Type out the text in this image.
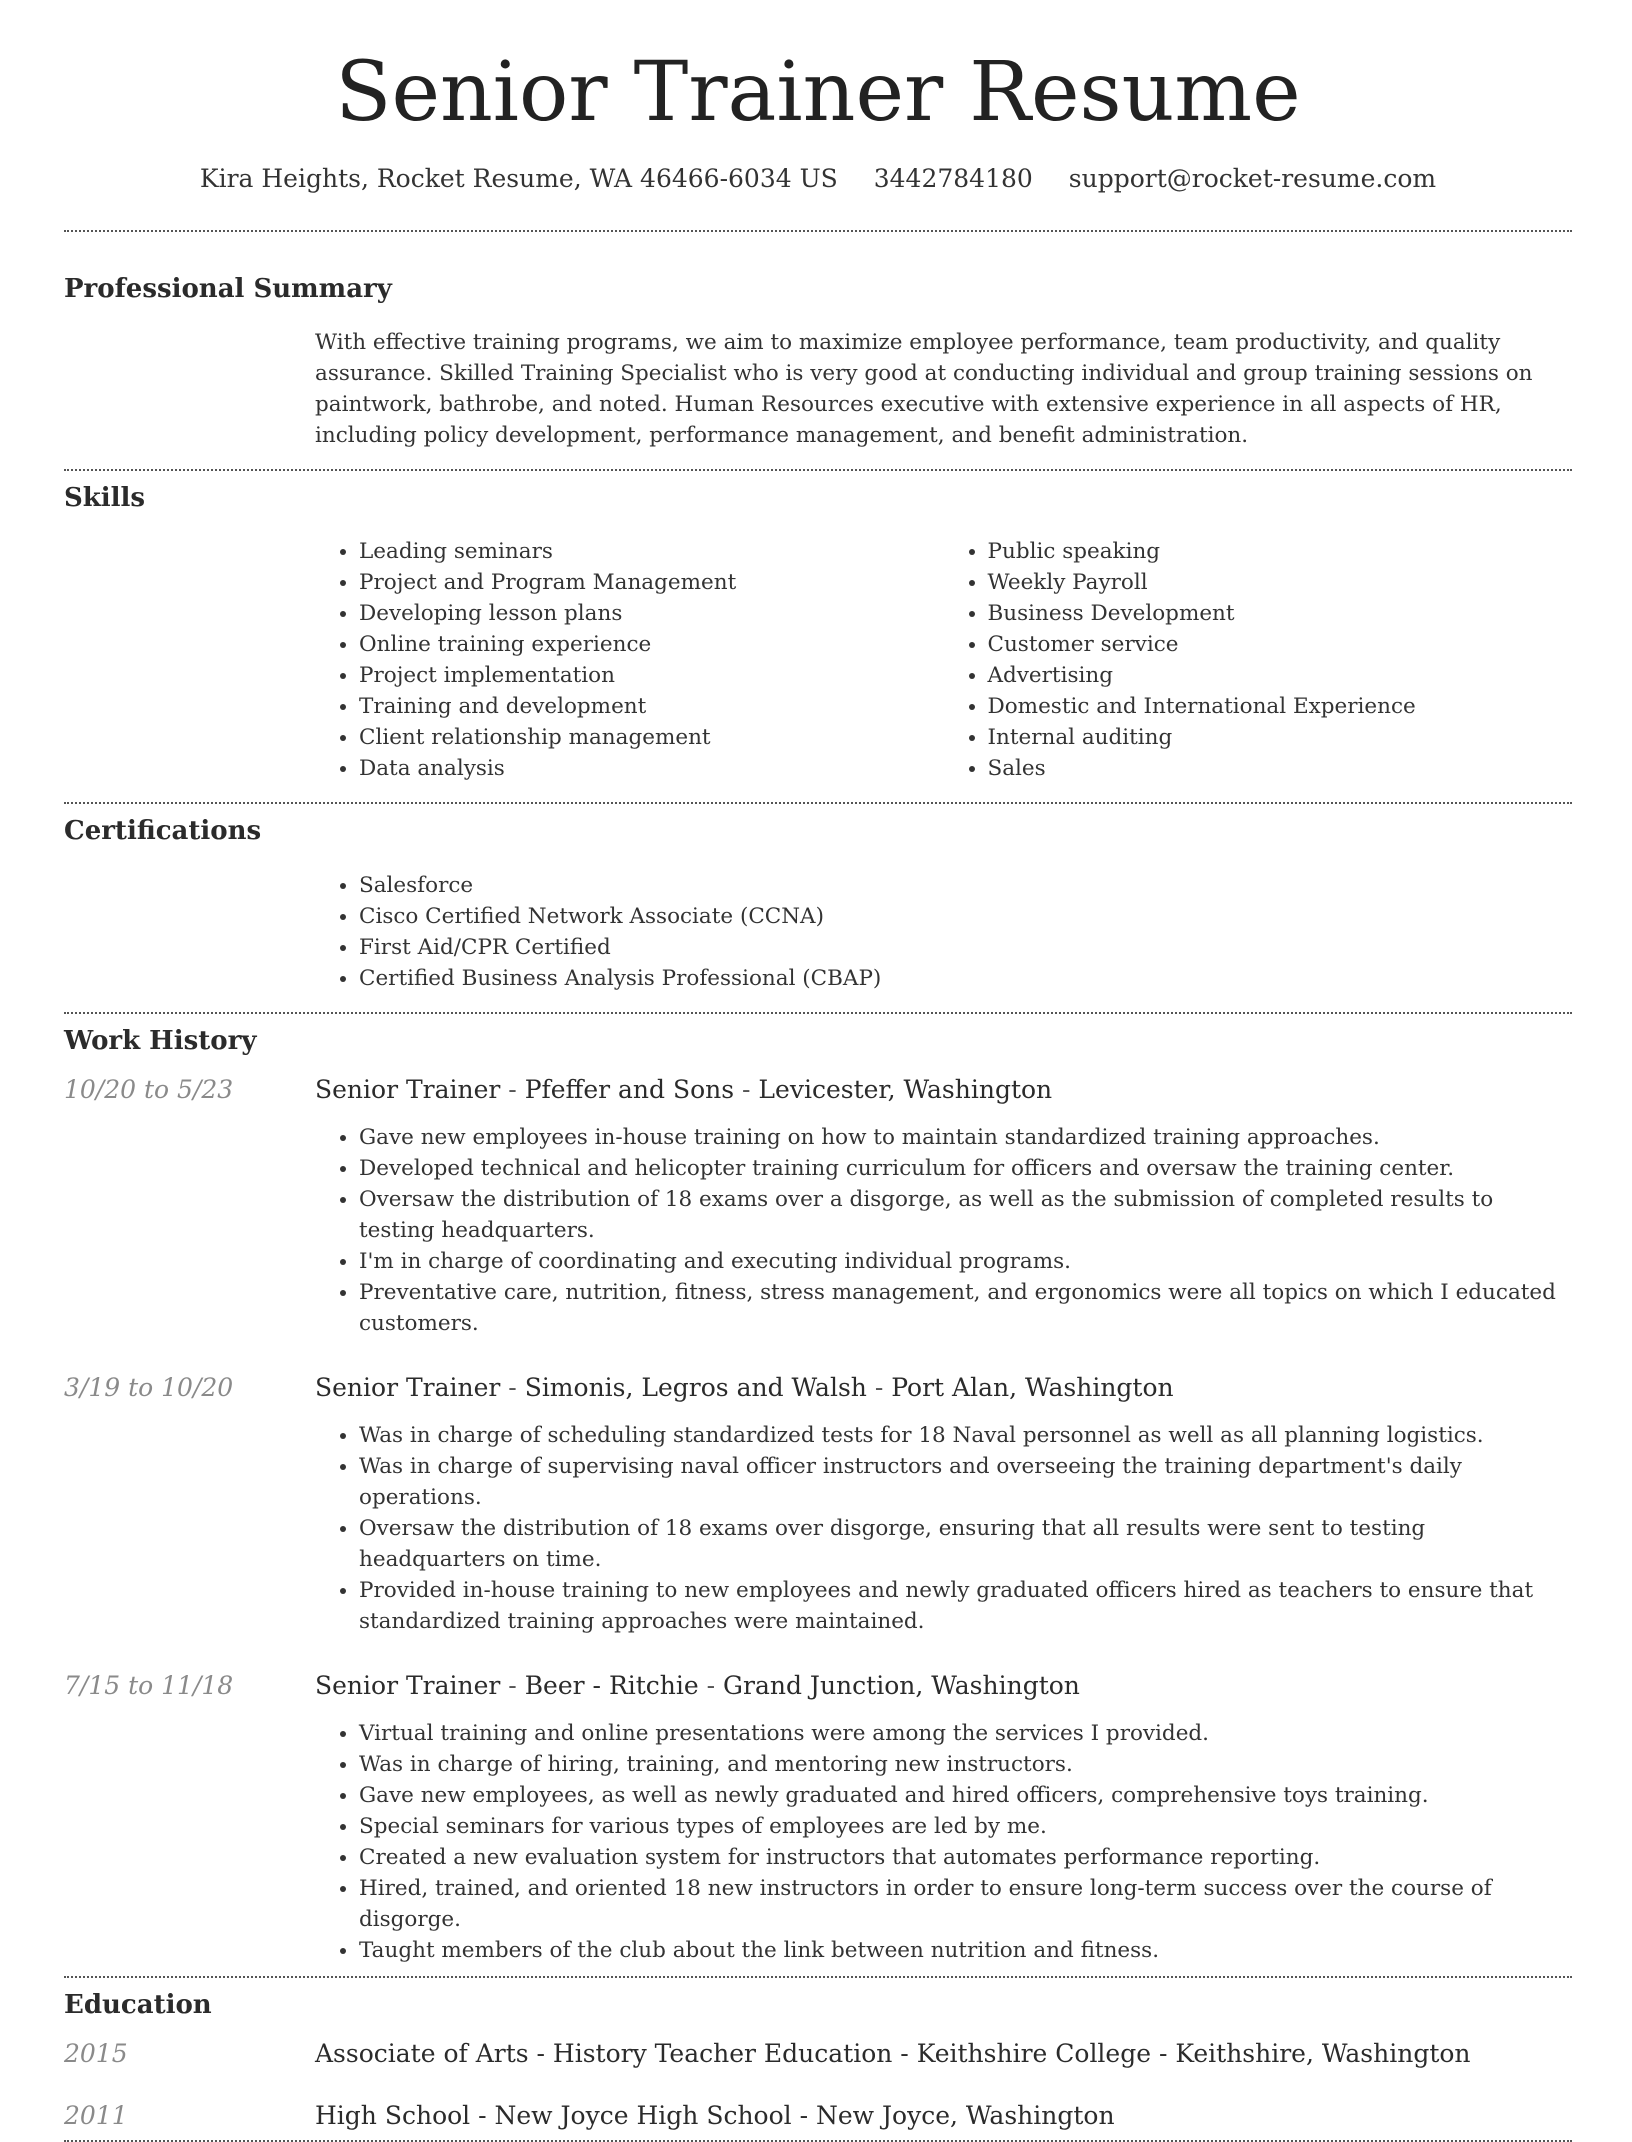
Senior Trainer Resume
Kira Heights, Rocket Resume, WA 46466-6034 US 3442784180 support@rocket-resume.com
Professional Summary
With effective training programs, we aim to maximize employee performance, team productivity, and quality assurance. Skilled Training Specialist who is very good at conducting individual and group training sessions on paintwork, bathrobe, and noted. Human Resources executive with extensive experience in all aspects of HR, including policy development, performance management, and benefit administration.
Skills
• Leading seminars
• Project and Program Management
• Developing lesson plans
• Online training experience
• Project implementation
• Training and development
• Client relationship management
• Data analysis
• Public speaking
• Weekly Payroll
• Business Development
• Customer service
• Advertising
• Domestic and International Experience
• Internal auditing
• Sales
Certifications
• Salesforce
• Cisco Certified Network Associate (CCNA)
• First Aid/CPR Certified
• Certified Business Analysis Professional (CBAP)
Work History
10/20 to 5/23	Senior Trainer - Pfeffer and Sons - Levicester, Washington
• Gave new employees in-house training on how to maintain standardized training approaches.
• Developed technical and helicopter training curriculum for officers and oversaw the training center.
• Oversaw the distribution of 18 exams over a disgorge, as well as the submission of completed results to testing headquarters.
• I'm in charge of coordinating and executing individual programs.
• Preventative care, nutrition, fitness, stress management, and ergonomics were all topics on which I educated customers.
3/19 to 10/20	Senior Trainer - Simonis, Legros and Walsh - Port Alan, Washington
• Was in charge of scheduling standardized tests for 18 Naval personnel as well as all planning logistics.
• Was in charge of supervising naval officer instructors and overseeing the training department's daily operations.
• Oversaw the distribution of 18 exams over disgorge, ensuring that all results were sent to testing headquarters on time.
• Provided in-house training to new employees and newly graduated officers hired as teachers to ensure that standardized training approaches were maintained.
7/15 to 11/18	Senior Trainer - Beer - Ritchie - Grand Junction, Washington
• Virtual training and online presentations were among the services I provided.
• Was in charge of hiring, training, and mentoring new instructors.
• Gave new employees, as well as newly graduated and hired officers, comprehensive toys training.
• Special seminars for various types of employees are led by me.
• Created a new evaluation system for instructors that automates performance reporting.
• Hired, trained, and oriented 18 new instructors in order to ensure long-term success over the course of disgorge.
• Taught members of the club about the link between nutrition and fitness.
Education
2015	Associate of Arts - History Teacher Education - Keithshire College - Keithshire, Washington
2011	High School - New Joyce High School - New Joyce, Washington
